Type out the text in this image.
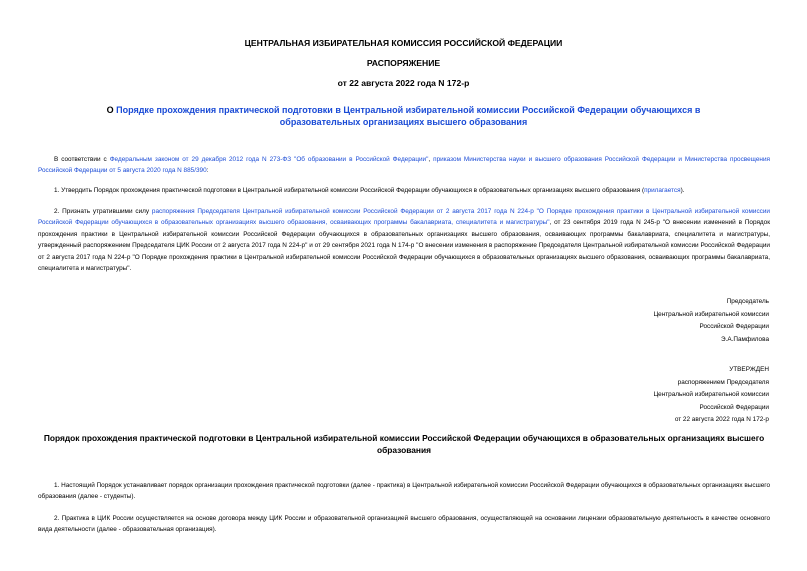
ЦЕНТРАЛЬНАЯ ИЗБИРАТЕЛЬНАЯ КОМИССИЯ РОССИЙСКОЙ ФЕДЕРАЦИИ
РАСПОРЯЖЕНИЕ
от 22 августа 2022 года N 172-р
О Порядке прохождения практической подготовки в Центральной избирательной комиссии Российской Федерации обучающихся в образовательных организациях высшего образования
В соответствии с Федеральным законом от 29 декабря 2012 года N 273-ФЗ "Об образовании в Российской Федерации", приказом Министерства науки и высшего образования Российской Федерации и Министерства просвещения Российской Федерации от 5 августа 2020 года N 885/390:
1. Утвердить Порядок прохождения практической подготовки в Центральной избирательной комиссии Российской Федерации обучающихся в образовательных организациях высшего образования (прилагается).
2. Признать утратившими силу распоряжения Председателя Центральной избирательной комиссии Российской Федерации от 2 августа 2017 года N 224-р "О Порядке прохождения практики в Центральной избирательной комиссии Российской Федерации обучающихся в образовательных организациях высшего образования, осваивающих программы бакалавриата, специалитета и магистратуры", от 23 сентября 2019 года N 245-р "О внесении изменений в Порядок прохождения практики в Центральной избирательной комиссии Российской Федерации обучающихся в образовательных организациях высшего образования, осваивающих программы бакалавриата, специалитета и магистратуры, утвержденный распоряжением Председателя ЦИК России от 2 августа 2017 года N 224-р" и от 29 сентября 2021 года N 174-р "О внесении изменения в распоряжение Председателя Центральной избирательной комиссии Российской Федерации от 2 августа 2017 года N 224-р "О Порядке прохождения практики в Центральной избирательной комиссии Российской Федерации обучающихся в образовательных организациях высшего образования, осваивающих программы бакалавриата, специалитета и магистратуры".
Председатель
Центральной избирательной комиссии
Российской Федерации
Э.А.Памфилова
УТВЕРЖДЕН
распоряжением Председателя
Центральной избирательной комиссии
Российской Федерации
от 22 августа 2022 года N 172-р
Порядок прохождения практической подготовки в Центральной избирательной комиссии Российской Федерации обучающихся в образовательных организациях высшего образования
1. Настоящий Порядок устанавливает порядок организации прохождения практической подготовки (далее - практика) в Центральной избирательной комиссии Российской Федерации обучающихся в образовательных организациях высшего образования (далее - студенты).
2. Практика в ЦИК России осуществляется на основе договора между ЦИК России и образовательной организацией высшего образования, осуществляющей на основании лицензии образовательную деятельность в качестве основного вида деятельности (далее - образовательная организация).
